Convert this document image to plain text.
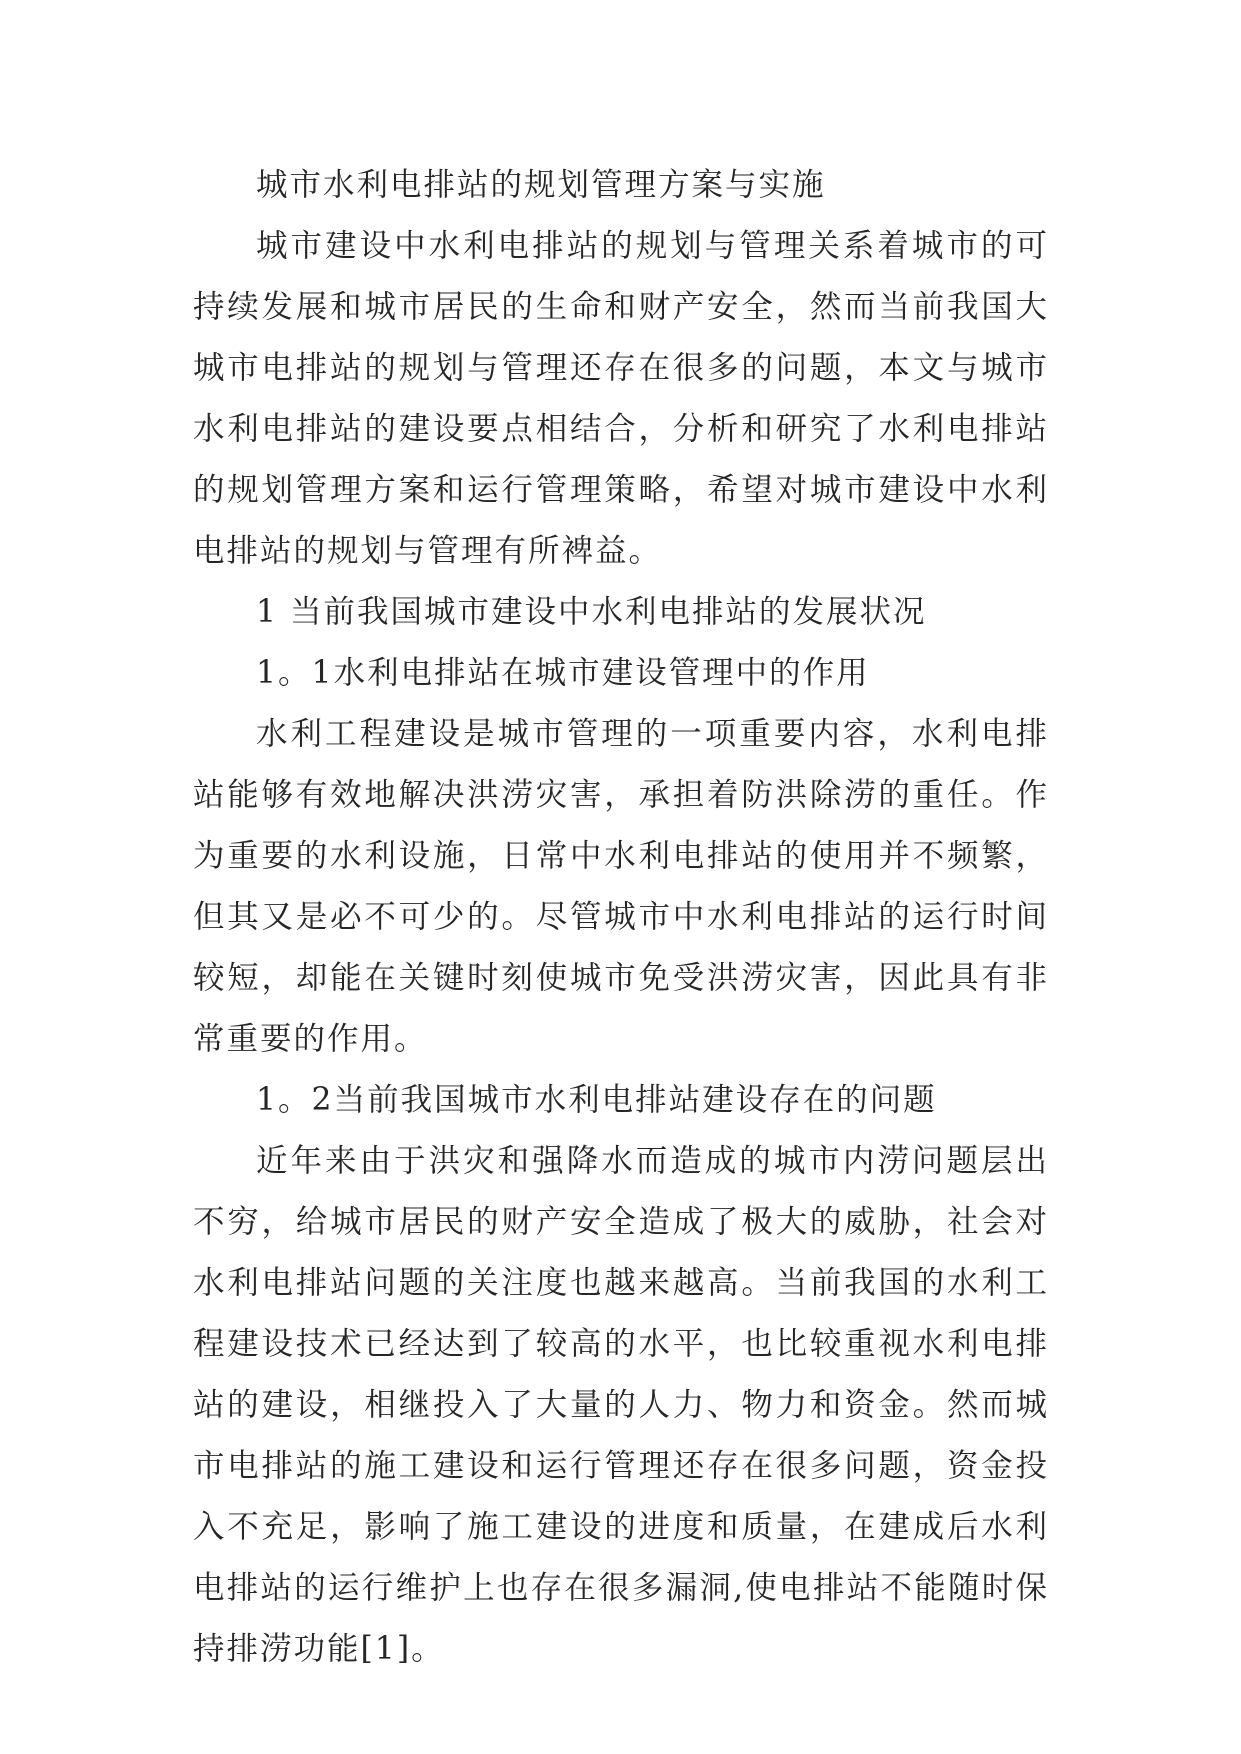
城市水利电排站的规划管理方案与实施

城市建设中水利电排站的规划与管理关系着城市的可持续发展和城市居民的生命和财产安全，然而当前我国大城市电排站的规划与管理还存在很多的问题，本文与城市水利电排站的建设要点相结合，分析和研究了水利电排站的规划管理方案和运行管理策略，希望对城市建设中水利电排站的规划与管理有所裨益。

1 当前我国城市建设中水利电排站的发展状况

1。1水利电排站在城市建设管理中的作用

水利工程建设是城市管理的一项重要内容，水利电排站能够有效地解决洪涝灾害，承担着防洪除涝的重任。作为重要的水利设施，日常中水利电排站的使用并不频繁，但其又是必不可少的。尽管城市中水利电排站的运行时间较短，却能在关键时刻使城市免受洪涝灾害，因此具有非常重要的作用。

1。2当前我国城市水利电排站建设存在的问题

近年来由于洪灾和强降水而造成的城市内涝问题层出不穷，给城市居民的财产安全造成了极大的威胁，社会对水利电排站问题的关注度也越来越高。当前我国的水利工程建设技术已经达到了较高的水平，也比较重视水利电排站的建设，相继投入了大量的人力、物力和资金。然而城市电排站的施工建设和运行管理还存在很多问题，资金投入不充足，影响了施工建设的进度和质量，在建成后水利电排站的运行维护上也存在很多漏洞,使电排站不能随时保持排涝功能[1]。
